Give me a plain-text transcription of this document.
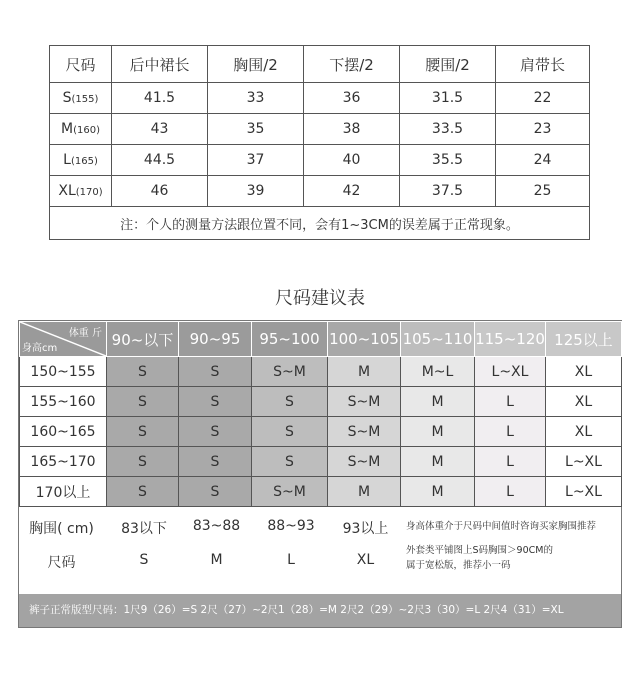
尺码	后中裙长	胸围/2	下摆/2	腰围/2	肩带长
S(155)	41.5	33	36	31.5	22
M(160)	43	35	38	33.5	23
L(165)	44.5	37	40	35.5	24
XL(170)	46	39	42	37.5	25
注：个人的测量方法跟位置不同，会有1~3CM的误差属于正常现象。					
尺码建议表
体重 斤
身高cm	90~以下	90~95	95~100	100~105	105~110	115~120	125以上
150~155	S	S	S~M	M	M~L	L~XL	XL
155~160	S	S	S	S~M	M	L	XL
160~165	S	S	S	S~M	M	L	XL
165~170	S	S	S	S~M	M	L	L~XL
170以上	S	S	S~M	M	M	L	L~XL
胸围( cm)	83以下	83~88	88~93	93以上
尺码	S	M	L	XL
身高体重介于尺码中间值时咨询买家胸围推荐
外套类平铺图上S码胸围＞90CM的
属于宽松版，推荐小一码
裤子正常版型尺码：1尺9（26）=S 2尺（27）~2尺1（28）=M 2尺2（29）~2尺3（30）=L 2尺4（31）=XL
